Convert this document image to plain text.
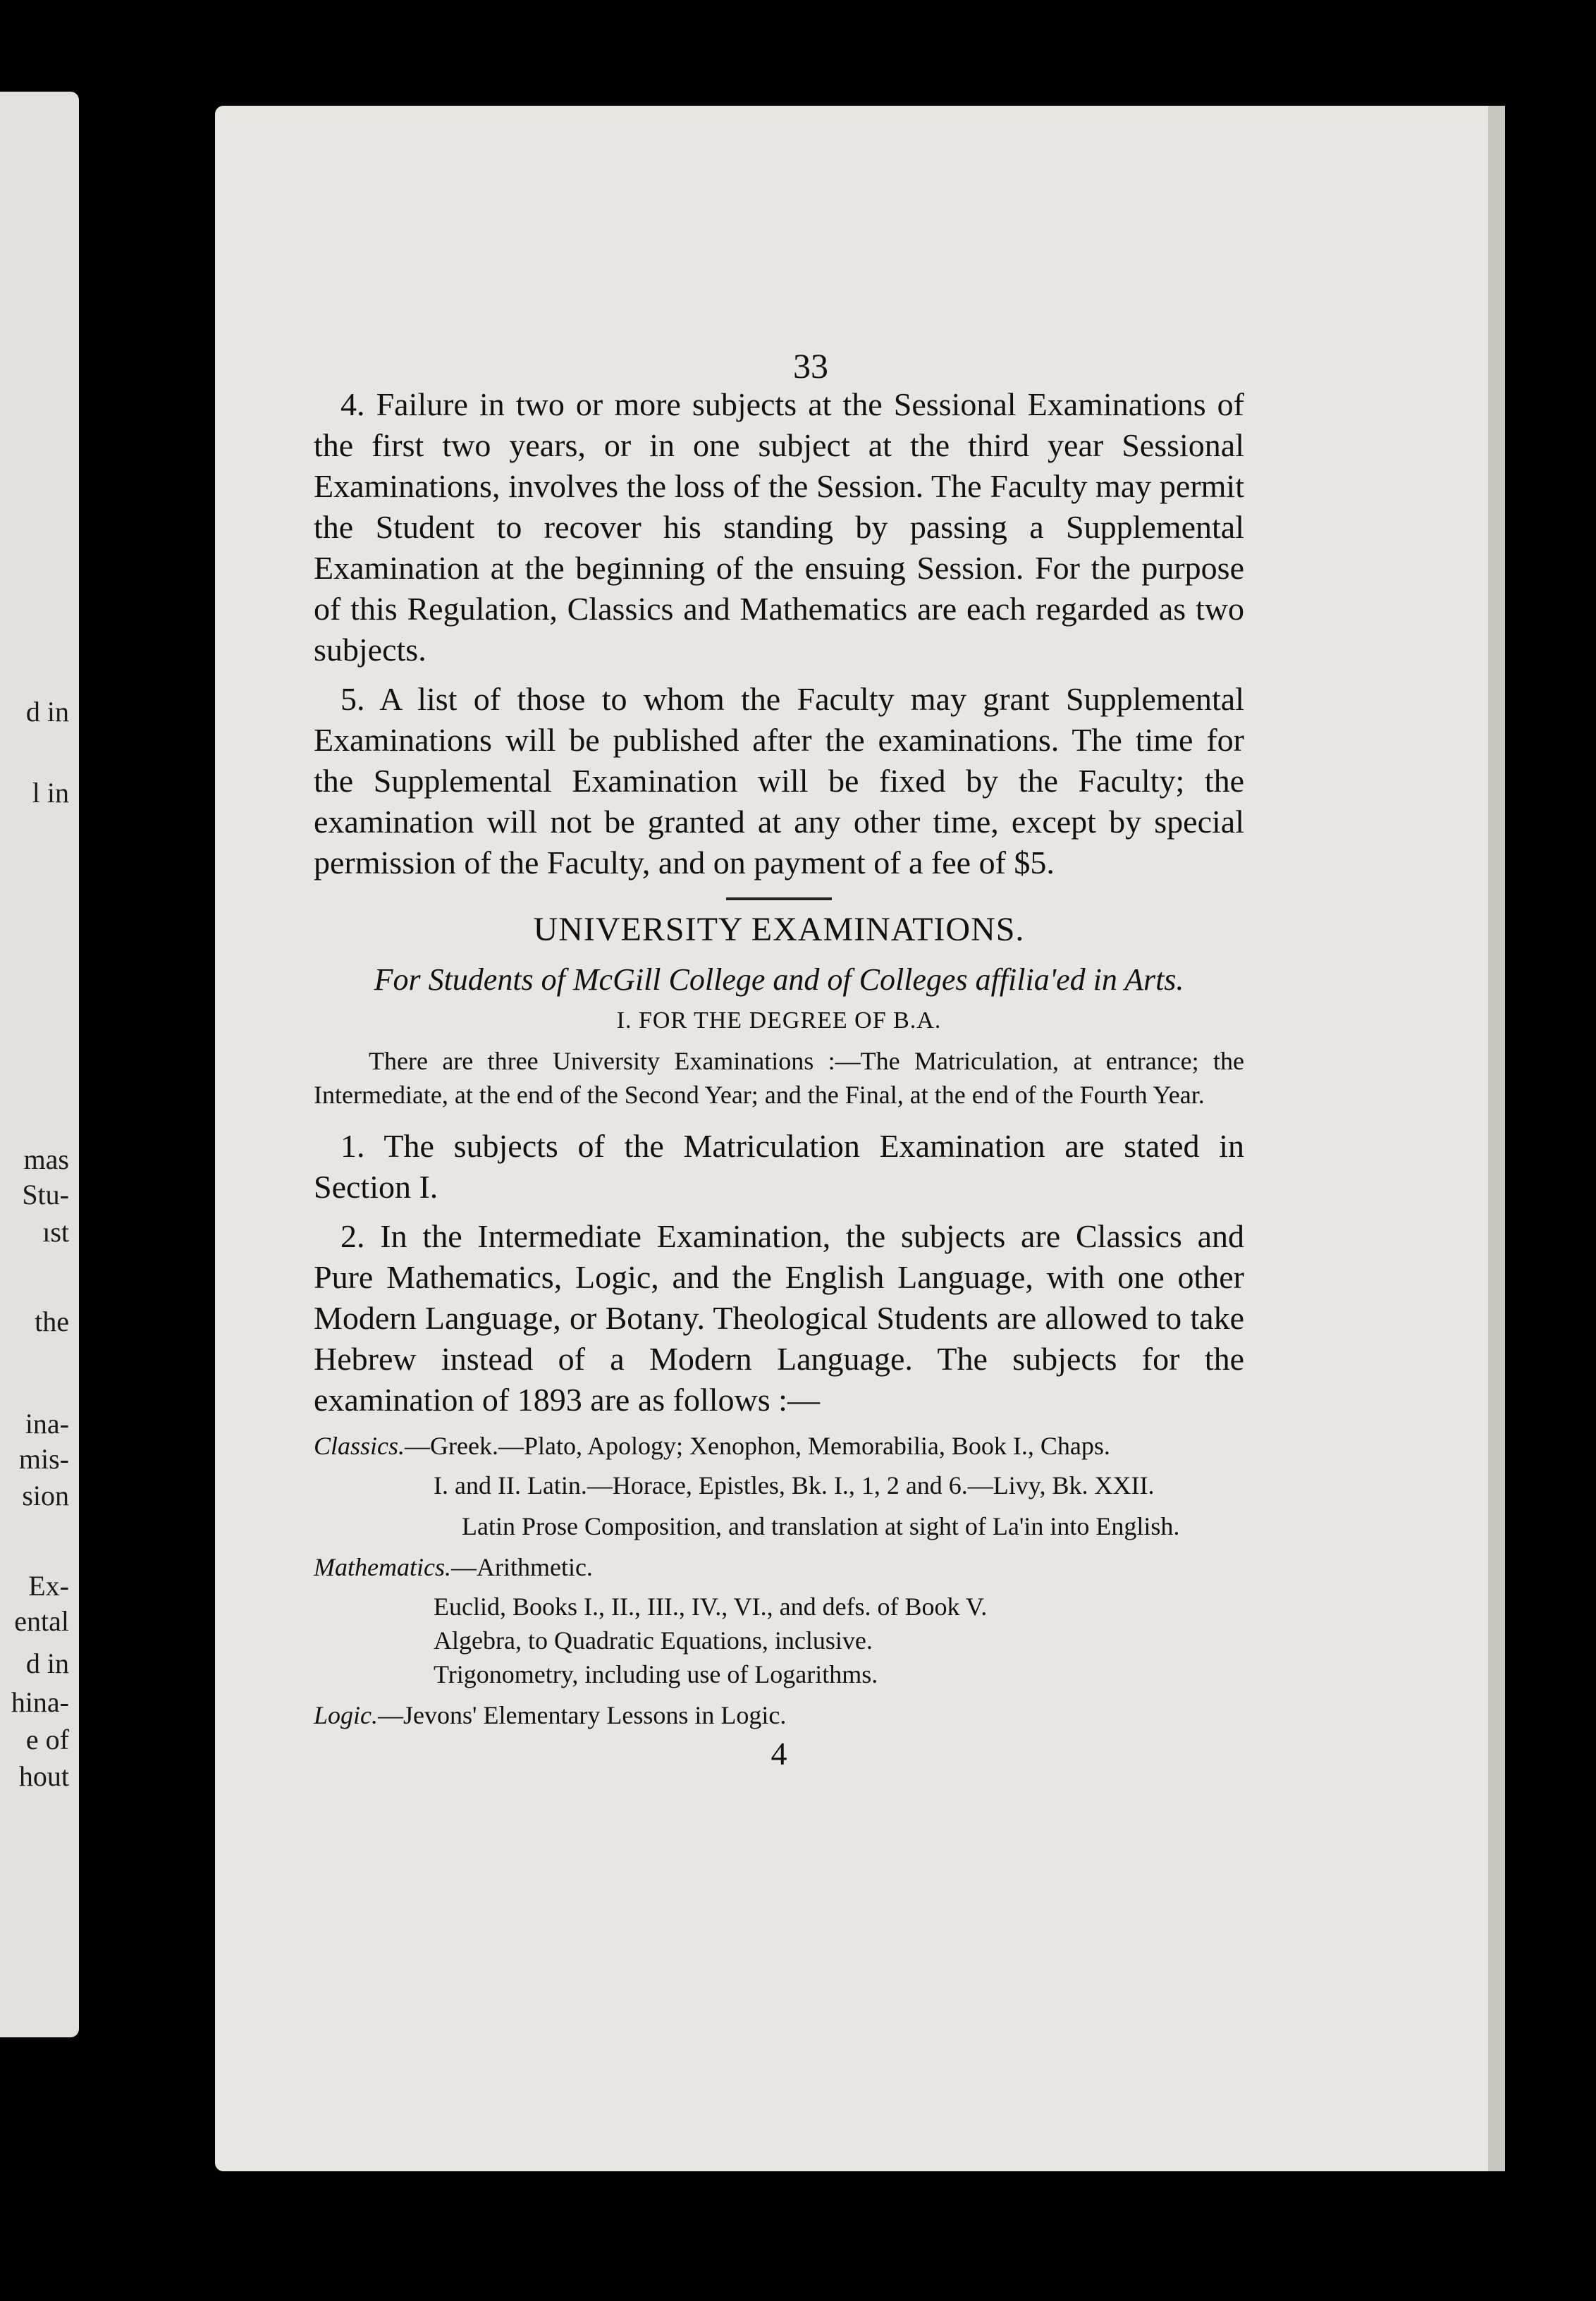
d in
l in
mas
Stu-
ıst
the
ina-
mis-
sion
Ex-
ental
d in
hina-
e of
hout
33

4. Failure in two or more subjects at the Sessional Examinations of the first two years, or in one subject at the third year Sessional Examinations, involves the loss of the Session. The Faculty may permit the Student to recover his standing by passing a Supplemental Examination at the beginning of the ensuing Session. For the purpose of this Regulation, Classics and Mathematics are each regarded as two subjects.

5. A list of those to whom the Faculty may grant Supplemental Examinations will be published after the examinations. The time for the Supplemental Examination will be fixed by the Faculty; the examination will not be granted at any other time, except by special permission of the Faculty, and on payment of a fee of $5.

UNIVERSITY EXAMINATIONS.
For Students of McGill College and of Colleges affilia'ed in Arts.
I. FOR THE DEGREE OF B.A.

There are three University Examinations :—The Matriculation, at entrance; the Intermediate, at the end of the Second Year; and the Final, at the end of the Fourth Year.

1. The subjects of the Matriculation Examination are stated in Section I.

2. In the Intermediate Examination, the subjects are Classics and Pure Mathematics, Logic, and the English Language, with one other Modern Language, or Botany. Theological Students are allowed to take Hebrew instead of a Modern Language. The subjects for the examination of 1893 are as follows :—

Classics.—Greek.—Plato, Apology; Xenophon, Memorabilia, Book I., Chaps.
I. and II. Latin.—Horace, Epistles, Bk. I., 1, 2 and 6.—Livy, Bk. XXII.
Latin Prose Composition, and translation at sight of La'in into English.
Mathematics.—Arithmetic.
Euclid, Books I., II., III., IV., VI., and defs. of Book V.
Algebra, to Quadratic Equations, inclusive.
Trigonometry, including use of Logarithms.
Logic.—Jevons' Elementary Lessons in Logic.
4
